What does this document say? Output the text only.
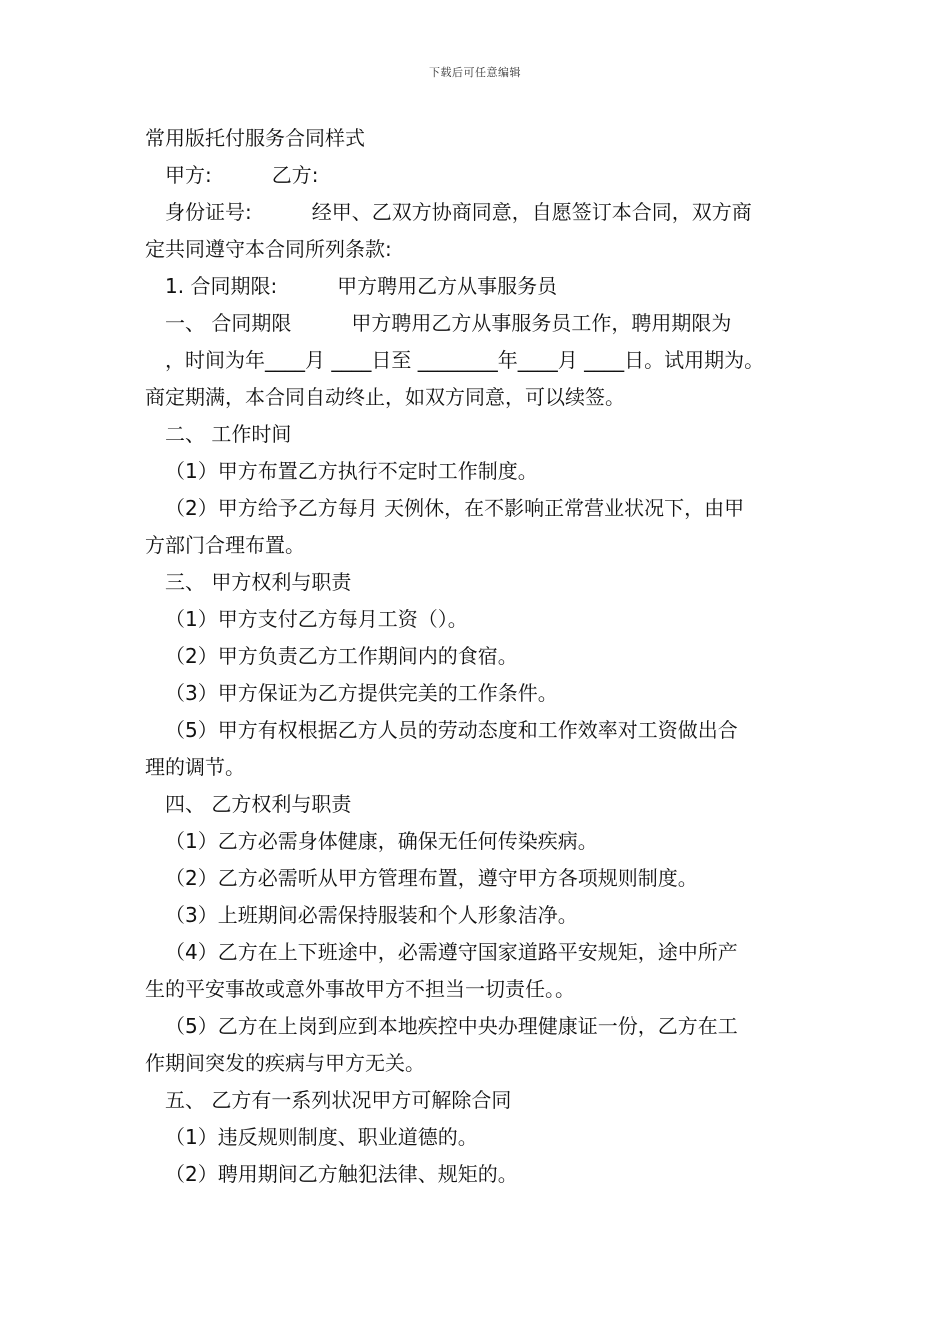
下载后可任意编辑
常用版托付服务合同样式
甲方:　　　乙方:
身份证号:　　　经甲、乙双方协商同意，自愿签订本合同，双方商
定共同遵守本合同所列条款:
1. 合同期限:　　　甲方聘用乙方从事服务员
一、 合同期限　　　甲方聘用乙方从事服务员工作，聘用期限为
，时间为年____月 ____日至 ________年____月 ____日。试用期为。
商定期满，本合同自动终止，如双方同意，可以续签。
二、 工作时间
（1）甲方布置乙方执行不定时工作制度。
（2）甲方给予乙方每月 天例休，在不影响正常营业状况下，由甲
方部门合理布置。
三、 甲方权利与职责
（1）甲方支付乙方每月工资（）。
（2）甲方负责乙方工作期间内的食宿。
（3）甲方保证为乙方提供完美的工作条件。
（5）甲方有权根据乙方人员的劳动态度和工作效率对工资做出合
理的调节。
四、 乙方权利与职责
（1）乙方必需身体健康，确保无任何传染疾病。
（2）乙方必需听从甲方管理布置，遵守甲方各项规则制度。
（3）上班期间必需保持服装和个人形象洁净。
（4）乙方在上下班途中，必需遵守国家道路平安规矩，途中所产
生的平安事故或意外事故甲方不担当一切责任。。
（5）乙方在上岗到应到本地疾控中央办理健康证一份，乙方在工
作期间突发的疾病与甲方无关。
五、 乙方有一系列状况甲方可解除合同
（1）违反规则制度、职业道德的。
（2）聘用期间乙方触犯法律、规矩的。
